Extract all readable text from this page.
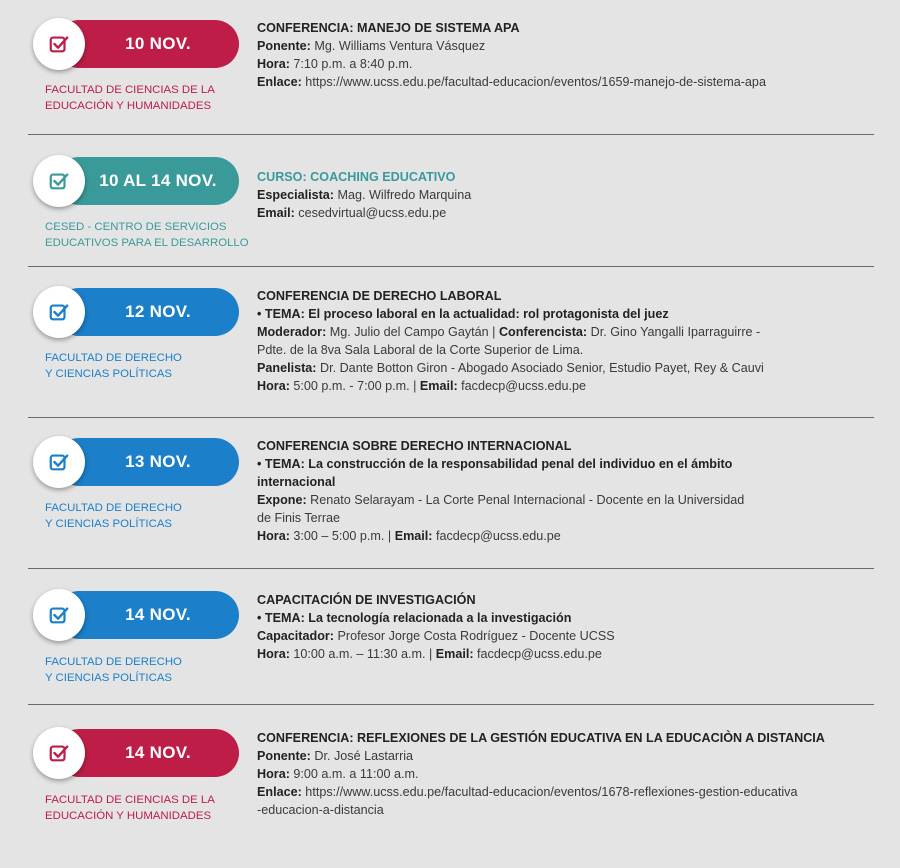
10 NOV.
FACULTAD DE CIENCIAS DE LA
EDUCACIÓN Y HUMANIDADES
CONFERENCIA: MANEJO DE SISTEMA APA
Ponente: Mg. Williams Ventura Vásquez
Hora: 7:10 p.m. a 8:40 p.m.
Enlace: https://www.ucss.edu.pe/facultad-educacion/eventos/1659-manejo-de-sistema-apa
10 AL 14 NOV.
CESED - CENTRO DE SERVICIOS
EDUCATIVOS PARA EL DESARROLLO
CURSO: COACHING EDUCATIVO
Especialista: Mag. Wilfredo Marquina
Email: cesedvirtual@ucss.edu.pe
12 NOV.
FACULTAD DE DERECHO
Y CIENCIAS POLÍTICAS
CONFERENCIA DE DERECHO LABORAL
• TEMA: El proceso laboral en la actualidad: rol protagonista del juez
Moderador: Mg. Julio del Campo Gaytán | Conferencista: Dr. Gino Yangalli Iparraguirre -
Pdte. de la 8va Sala Laboral de la Corte Superior de Lima.
Panelista: Dr. Dante Botton Giron - Abogado Asociado Senior, Estudio Payet, Rey & Cauvi
Hora: 5:00 p.m. - 7:00 p.m. | Email: facdecp@ucss.edu.pe
13 NOV.
FACULTAD DE DERECHO
Y CIENCIAS POLÍTICAS
CONFERENCIA SOBRE DERECHO INTERNACIONAL
• TEMA: La construcción de la responsabilidad penal del individuo en el ámbito
internacional
Expone: Renato Selarayam - La Corte Penal Internacional - Docente en la Universidad
de Finis Terrae
Hora: 3:00 – 5:00 p.m. | Email: facdecp@ucss.edu.pe
14 NOV.
FACULTAD DE DERECHO
Y CIENCIAS POLÍTICAS
CAPACITACIÓN DE INVESTIGACIÓN
• TEMA: La tecnología relacionada a la investigación
Capacitador: Profesor Jorge Costa Rodríguez - Docente UCSS
Hora: 10:00 a.m. – 11:30 a.m. | Email: facdecp@ucss.edu.pe
14 NOV.
FACULTAD DE CIENCIAS DE LA
EDUCACIÓN Y HUMANIDADES
CONFERENCIA: REFLEXIONES DE LA GESTIÓN EDUCATIVA EN LA EDUCACIÒN A DISTANCIA
Ponente: Dr. José Lastarria
Hora: 9:00 a.m. a 11:00 a.m.
Enlace: https://www.ucss.edu.pe/facultad-educacion/eventos/1678-reflexiones-gestion-educativa
-educacion-a-distancia
